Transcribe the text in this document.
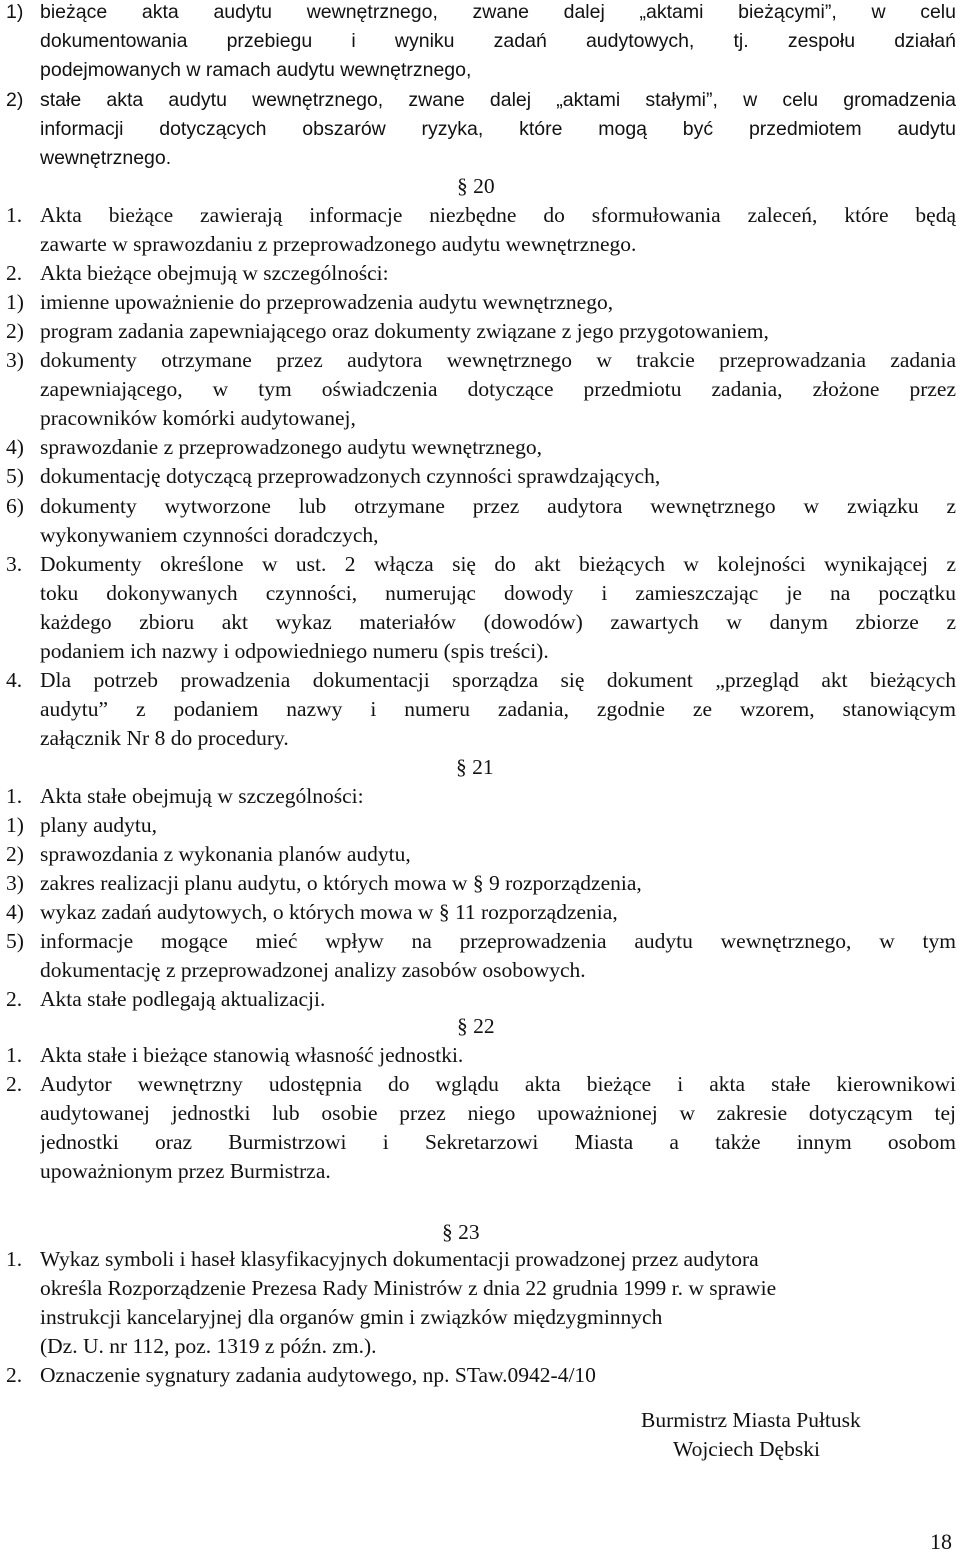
1) bieżące akta audytu wewnętrznego, zwane dalej „aktami bieżącymi”, w celu
dokumentowania przebiegu i wyniku zadań audytowych, tj. zespołu działań
podejmowanych w ramach audytu wewnętrznego,
2) stałe akta audytu wewnętrznego, zwane dalej „aktami stałymi”, w celu gromadzenia
informacji dotyczących obszarów ryzyka, które mogą być przedmiotem audytu
wewnętrznego.
§ 20
1. Akta bieżące zawierają informacje niezbędne do sformułowania zaleceń, które będą
zawarte w sprawozdaniu z przeprowadzonego audytu wewnętrznego.
2. Akta bieżące obejmują w szczególności:
1) imienne upoważnienie do przeprowadzenia audytu wewnętrznego,
2) program zadania zapewniającego oraz dokumenty związane z jego przygotowaniem,
3) dokumenty otrzymane przez audytora wewnętrznego w trakcie przeprowadzania zadania
zapewniającego, w tym oświadczenia dotyczące przedmiotu zadania, złożone przez
pracowników komórki audytowanej,
4) sprawozdanie z przeprowadzonego audytu wewnętrznego,
5) dokumentację dotyczącą przeprowadzonych czynności sprawdzających,
6) dokumenty wytworzone lub otrzymane przez audytora wewnętrznego w związku z
wykonywaniem czynności doradczych,
3. Dokumenty określone w ust. 2 włącza się do akt bieżących w kolejności wynikającej z
toku dokonywanych czynności, numerując dowody i zamieszczając je na początku
każdego zbioru akt wykaz materiałów (dowodów) zawartych w danym zbiorze z
podaniem ich nazwy i odpowiedniego numeru (spis treści).
4. Dla potrzeb prowadzenia dokumentacji sporządza się dokument „przegląd akt bieżących
audytu” z podaniem nazwy i numeru zadania, zgodnie ze wzorem, stanowiącym
załącznik Nr 8 do procedury.
§ 21
1. Akta stałe obejmują w szczególności:
1) plany audytu,
2) sprawozdania z wykonania planów audytu,
3) zakres realizacji planu audytu, o których mowa w § 9 rozporządzenia,
4) wykaz zadań audytowych, o których mowa w § 11 rozporządzenia,
5) informacje mogące mieć wpływ na przeprowadzenia audytu wewnętrznego, w tym
dokumentację z przeprowadzonej analizy zasobów osobowych.
2. Akta stałe podlegają aktualizacji.
§ 22
1. Akta stałe i bieżące stanowią własność jednostki.
2. Audytor wewnętrzny udostępnia do wglądu akta bieżące i akta stałe kierownikowi
audytowanej jednostki lub osobie przez niego upoważnionej w zakresie dotyczącym tej
jednostki oraz Burmistrzowi i Sekretarzowi Miasta a także innym osobom
upoważnionym przez Burmistrza.
§ 23
1. Wykaz symboli i haseł klasyfikacyjnych dokumentacji prowadzonej przez audytora
określa Rozporządzenie Prezesa Rady Ministrów z dnia 22 grudnia 1999 r. w sprawie
instrukcji kancelaryjnej dla organów gmin i związków międzygminnych
(Dz. U. nr 112, poz. 1319 z późn. zm.).
2. Oznaczenie sygnatury zadania audytowego, np. STaw.0942-4/10
Burmistrz Miasta Pułtusk
Wojciech Dębski
18
